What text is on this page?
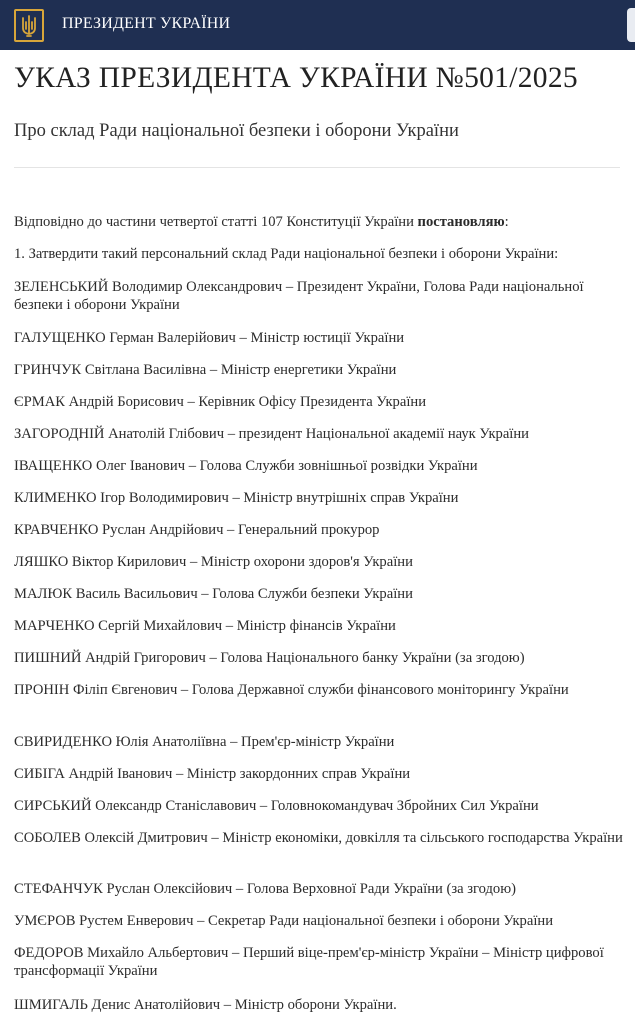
ПРЕЗИДЕНТ УКРАЇНИ
УКАЗ ПРЕЗИДЕНТА УКРАЇНИ №501/2025
Про склад Ради національної безпеки і оборони України
Відповідно до частини четвертої статті 107 Конституції України постановляю:
1. Затвердити такий персональний склад Ради національної безпеки і оборони України:
ЗЕЛЕНСЬКИЙ Володимир Олександрович – Президент України, Голова Ради національної безпеки і оборони України
ГАЛУЩЕНКО Герман Валерійович – Міністр юстиції України
ГРИНЧУК Світлана Василівна – Міністр енергетики України
ЄРМАК Андрій Борисович – Керівник Офісу Президента України
ЗАГОРОДНІЙ Анатолій Глібович – президент Національної академії наук України
ІВАЩЕНКО Олег Іванович – Голова Служби зовнішньої розвідки України
КЛИМЕНКО Ігор Володимирович – Міністр внутрішніх справ України
КРАВЧЕНКО Руслан Андрійович – Генеральний прокурор
ЛЯШКО Віктор Кирилович – Міністр охорони здоров'я України
МАЛЮК Василь Васильович – Голова Служби безпеки України
МАРЧЕНКО Сергій Михайлович – Міністр фінансів України
ПИШНИЙ Андрій Григорович – Голова Національного банку України (за згодою)
ПРОНІН Філіп Євгенович – Голова Державної служби фінансового моніторингу України
СВИРИДЕНКО Юлія Анатоліївна – Прем'єр-міністр України
СИБІГА Андрій Іванович – Міністр закордонних справ України
СИРСЬКИЙ Олександр Станіславович – Головнокомандувач Збройних Сил України
СОБОЛЕВ Олексій Дмитрович – Міністр економіки, довкілля та сільського господарства України
СТЕФАНЧУК Руслан Олексійович – Голова Верховної Ради України (за згодою)
УМЄРОВ Рустем Енверович – Секретар Ради національної безпеки і оборони України
ФЕДОРОВ Михайло Альбертович – Перший віце-прем'єр-міністр України – Міністр цифрової трансформації України
ШМИГАЛЬ Денис Анатолійович – Міністр оборони України.
